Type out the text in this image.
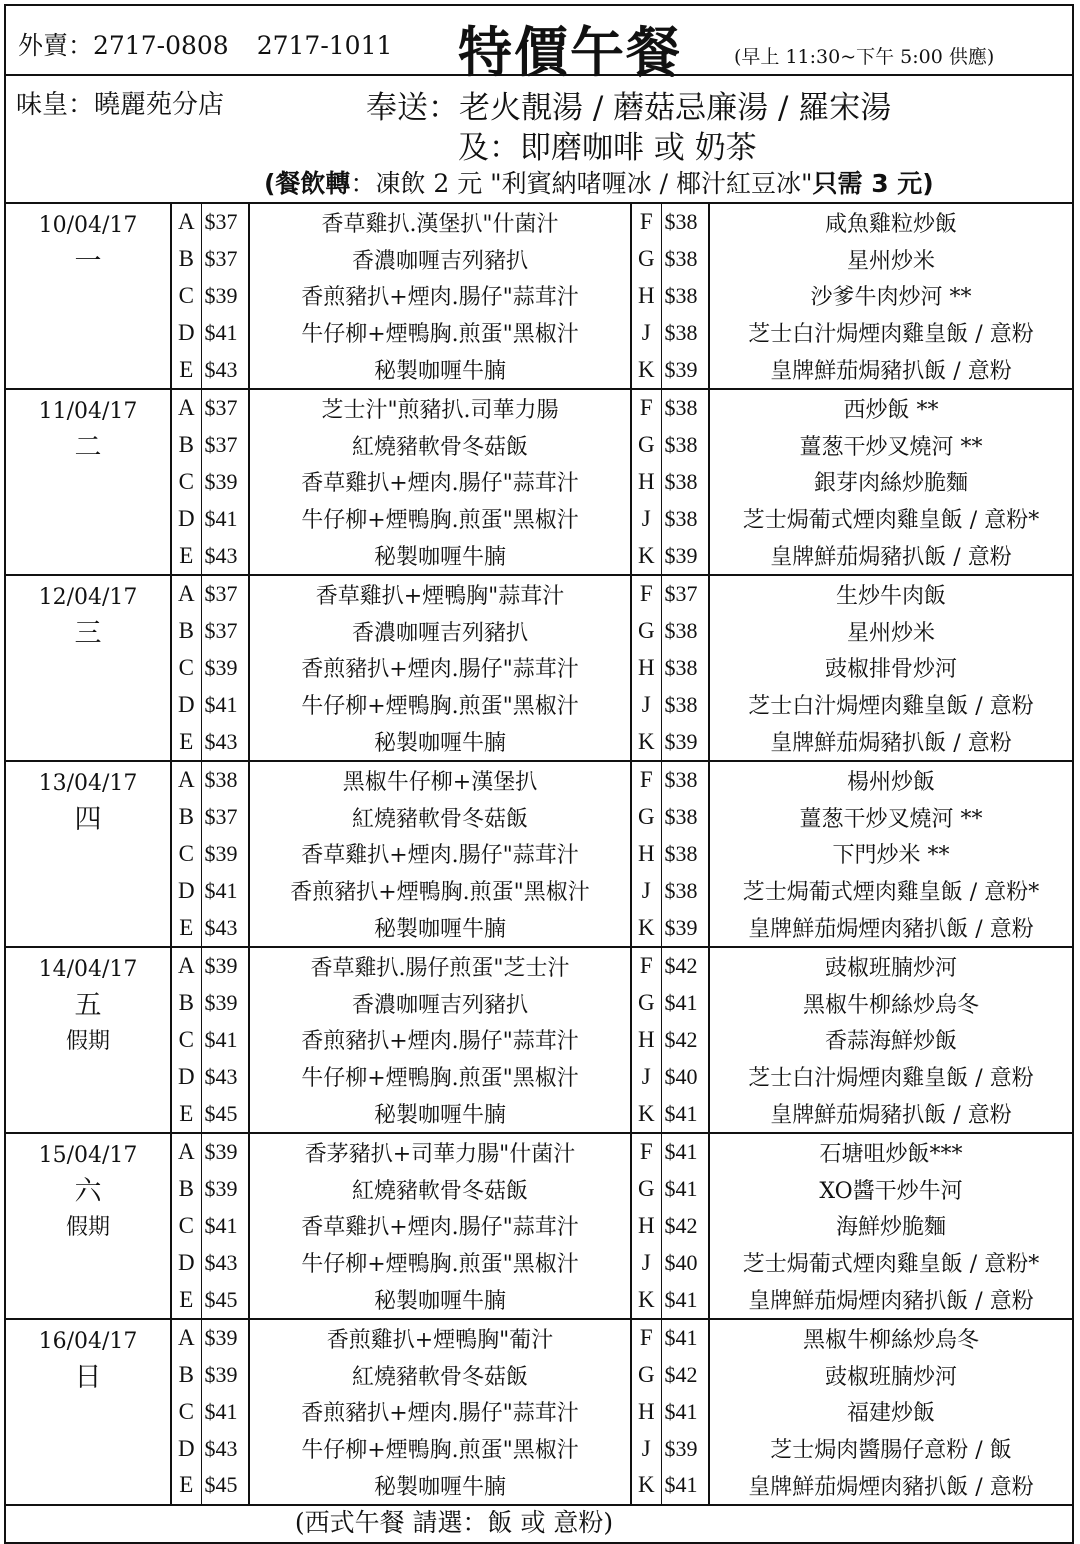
外賣：2717-0808 2717-1011	特價午餐	(早上 11:30~下午 5:00 供應)
味皇：曉麗苑分店	奉送：老火靚湯 / 蘑菇忌廉湯 / 羅宋湯
及：即磨咖啡 或 奶茶
(餐飲轉：凍飲 2 元 "利賓納啫喱冰 / 椰汁紅豆冰"只需 3 元)
10/04/17
一	A	$37	香草雞扒.漢堡扒"什菌汁	F	$38	咸魚雞粒炒飯
	B	$37	香濃咖喱吉列豬扒	G	$38	星州炒米
	C	$39	香煎豬扒+煙肉.腸仔"蒜茸汁	H	$38	沙爹牛肉炒河 **
	D	$41	牛仔柳+煙鴨胸.煎蛋"黑椒汁	J	$38	芝士白汁焗煙肉雞皇飯 / 意粉
	E	$43	秘製咖喱牛腩	K	$39	皇牌鮮茄焗豬扒飯 / 意粉

11/04/17
二	A	$37	芝士汁"煎豬扒.司華力腸	F	$38	西炒飯 **
	B	$37	紅燒豬軟骨冬菇飯	G	$38	薑葱干炒叉燒河 **
	C	$39	香草雞扒+煙肉.腸仔"蒜茸汁	H	$38	銀芽肉絲炒脆麵
	D	$41	牛仔柳+煙鴨胸.煎蛋"黑椒汁	J	$38	芝士焗葡式煙肉雞皇飯 / 意粉*
	E	$43	秘製咖喱牛腩	K	$39	皇牌鮮茄焗豬扒飯 / 意粉

12/04/17
三	A	$37	香草雞扒+煙鴨胸"蒜茸汁	F	$37	生炒牛肉飯
	B	$37	香濃咖喱吉列豬扒	G	$38	星州炒米
	C	$39	香煎豬扒+煙肉.腸仔"蒜茸汁	H	$38	豉椒排骨炒河
	D	$41	牛仔柳+煙鴨胸.煎蛋"黑椒汁	J	$38	芝士白汁焗煙肉雞皇飯 / 意粉
	E	$43	秘製咖喱牛腩	K	$39	皇牌鮮茄焗豬扒飯 / 意粉

13/04/17
四	A	$38	黑椒牛仔柳+漢堡扒	F	$38	楊州炒飯
	B	$37	紅燒豬軟骨冬菇飯	G	$38	薑葱干炒叉燒河 **
	C	$39	香草雞扒+煙肉.腸仔"蒜茸汁	H	$38	下門炒米 **
	D	$41	香煎豬扒+煙鴨胸.煎蛋"黑椒汁	J	$38	芝士焗葡式煙肉雞皇飯 / 意粉*
	E	$43	秘製咖喱牛腩	K	$39	皇牌鮮茄焗煙肉豬扒飯 / 意粉

14/04/17
五
假期	A	$39	香草雞扒.腸仔煎蛋"芝士汁	F	$42	豉椒班腩炒河
	B	$39	香濃咖喱吉列豬扒	G	$41	黑椒牛柳絲炒烏冬
	C	$41	香煎豬扒+煙肉.腸仔"蒜茸汁	H	$42	香蒜海鮮炒飯
	D	$43	牛仔柳+煙鴨胸.煎蛋"黑椒汁	J	$40	芝士白汁焗煙肉雞皇飯 / 意粉
	E	$45	秘製咖喱牛腩	K	$41	皇牌鮮茄焗豬扒飯 / 意粉

15/04/17
六
假期	A	$39	香茅豬扒+司華力腸"什菌汁	F	$41	石塘咀炒飯***
	B	$39	紅燒豬軟骨冬菇飯	G	$41	XO醬干炒牛河
	C	$41	香草雞扒+煙肉.腸仔"蒜茸汁	H	$42	海鮮炒脆麵
	D	$43	牛仔柳+煙鴨胸.煎蛋"黑椒汁	J	$40	芝士焗葡式煙肉雞皇飯 / 意粉*
	E	$45	秘製咖喱牛腩	K	$41	皇牌鮮茄焗煙肉豬扒飯 / 意粉

16/04/17
日	A	$39	香煎雞扒+煙鴨胸"葡汁	F	$41	黑椒牛柳絲炒烏冬
	B	$39	紅燒豬軟骨冬菇飯	G	$42	豉椒班腩炒河
	C	$41	香煎豬扒+煙肉.腸仔"蒜茸汁	H	$41	福建炒飯
	D	$43	牛仔柳+煙鴨胸.煎蛋"黑椒汁	J	$39	芝士焗肉醬腸仔意粉 / 飯
	E	$45	秘製咖喱牛腩	K	$41	皇牌鮮茄焗煙肉豬扒飯 / 意粉
(西式午餐 請選：飯 或 意粉)
